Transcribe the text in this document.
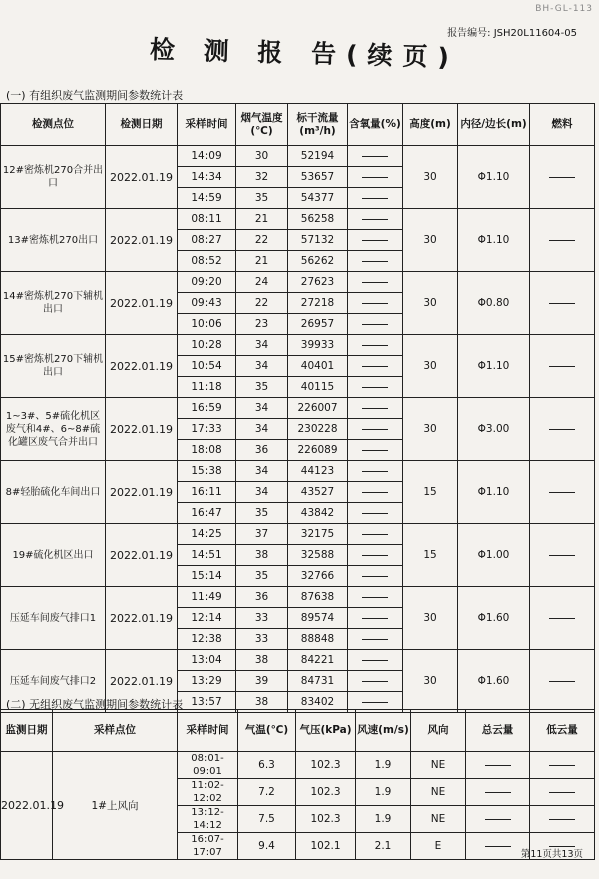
BH-GL-113
报告编号: JSH20L11604-05
检 测 报 告(续页)
(一) 有组织废气监测期间参数统计表
检测点位	检测日期	采样时间	烟气温度(℃)	标干流量(m³/h)	含氧量(%)	高度(m)	内径/边长(m)	燃料
12#密炼机270合并出口	2022.01.19	14:09	30	52194		30	Φ1.10	
		14:34	32	53657				
		14:59	35	54377				
13#密炼机270出口	2022.01.19	08:11	21	56258		30	Φ1.10	
		08:27	22	57132				
		08:52	21	56262				
14#密炼机270下辅机出口	2022.01.19	09:20	24	27623		30	Φ0.80	
		09:43	22	27218				
		10:06	23	26957				
15#密炼机270下辅机出口	2022.01.19	10:28	34	39933		30	Φ1.10	
		10:54	34	40401				
		11:18	35	40115				
1~3#、5#硫化机区废气和4#、6~8#硫化罐区废气合并出口	2022.01.19	16:59	34	226007		30	Φ3.00	
		17:33	34	230228				
		18:08	36	226089				
8#轻胎硫化车间出口	2022.01.19	15:38	34	44123		15	Φ1.10	
		16:11	34	43527				
		16:47	35	43842				
19#硫化机区出口	2022.01.19	14:25	37	32175		15	Φ1.00	
		14:51	38	32588				
		15:14	35	32766				
压延车间废气排口1	2022.01.19	11:49	36	87638		30	Φ1.60	
		12:14	33	89574				
		12:38	33	88848				
压延车间废气排口2	2022.01.19	13:04	38	84221		30	Φ1.60	
		13:29	39	84731				
		13:57	38	83402				
(二) 无组织废气监测期间参数统计表
监测日期	采样点位	采样时间	气温(℃)	气压(kPa)	风速(m/s)	风向	总云量	低云量
2022.01.19	1#上风向	08:01-09:01	6.3	102.3	1.9	NE		
		11:02-12:02	7.2	102.3	1.9	NE		
		13:12-14:12	7.5	102.3	1.9	NE		
		16:07-17:07	9.4	102.1	2.1	E		
第11页共13页
